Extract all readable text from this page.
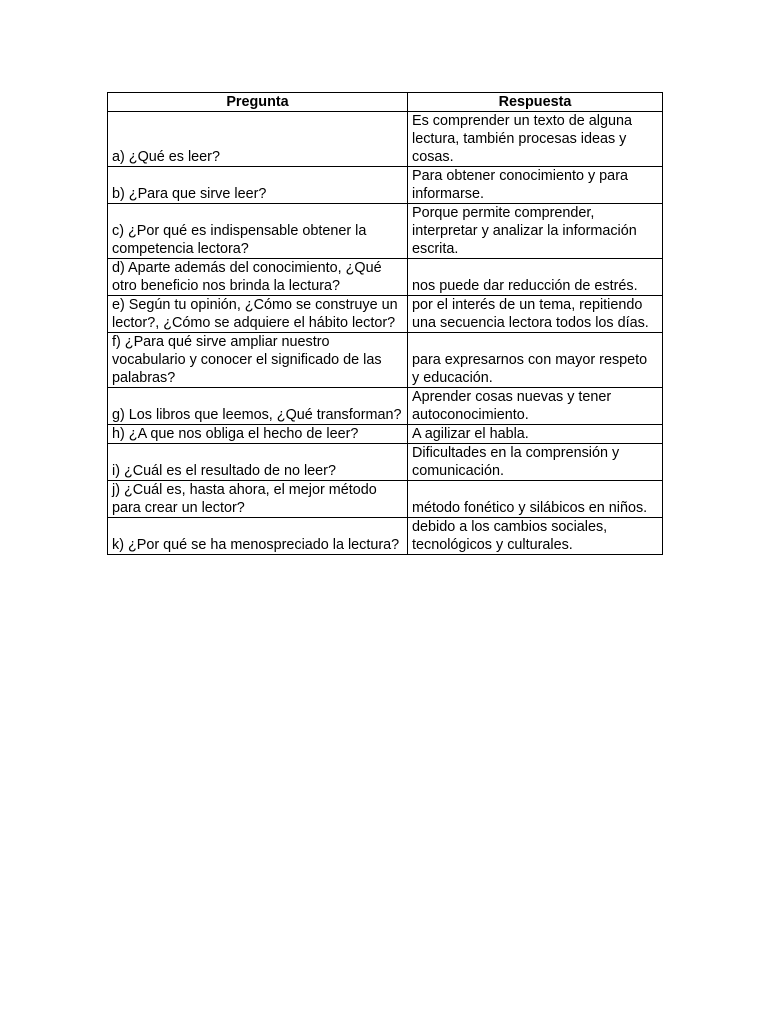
Pregunta	Respuesta
a) ¿Qué es leer?	Es comprender un texto de alguna lectura, también procesas ideas y cosas.
b) ¿Para que sirve leer?	Para obtener conocimiento y para informarse.
c) ¿Por qué es indispensable obtener la competencia lectora?	Porque permite comprender, interpretar y analizar la información escrita.
d) Aparte además del conocimiento, ¿Qué otro beneficio nos brinda la lectura?	nos puede dar reducción de estrés.
e) Según tu opinión, ¿Cómo se construye un lector?, ¿Cómo se adquiere el hábito lector?	por el interés de un tema, repitiendo una secuencia lectora todos los días.
f) ¿Para qué sirve ampliar nuestro vocabulario y conocer el significado de las palabras?	para expresarnos con mayor respeto y educación.
g) Los libros que leemos, ¿Qué transforman?	Aprender cosas nuevas y tener autoconocimiento.
h) ¿A que nos obliga el hecho de leer?	A agilizar el habla.
i) ¿Cuál es el resultado de no leer?	Dificultades en la comprensión y comunicación.
j) ¿Cuál es, hasta ahora, el mejor método para crear un lector?	método fonético y silábicos en niños.
k) ¿Por qué se ha menospreciado la lectura?	debido a los cambios sociales, tecnológicos y culturales.
